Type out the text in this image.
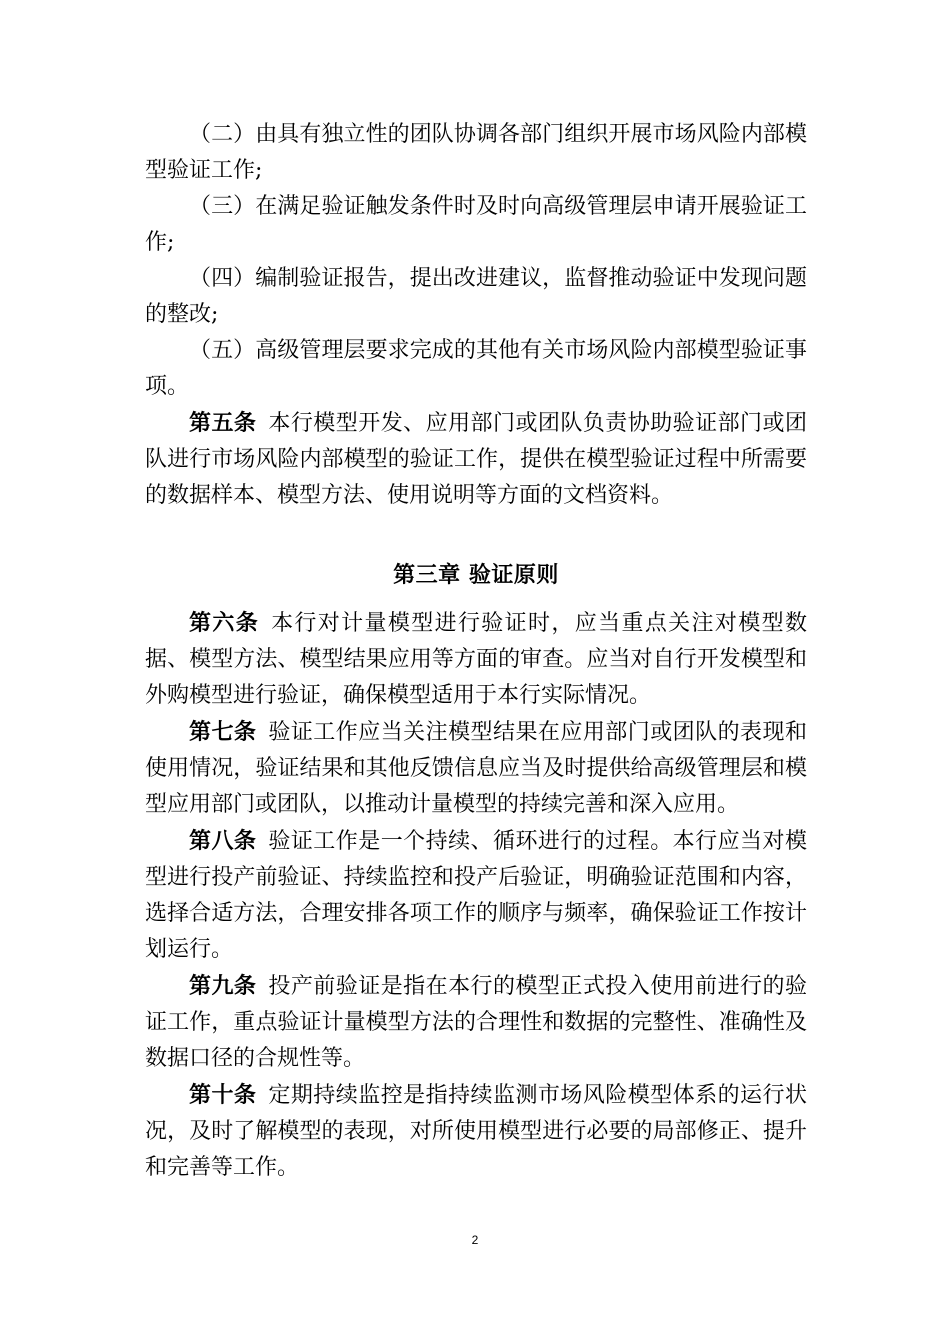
（二）由具有独立性的团队协调各部门组织开展市场风险内部模型验证工作;

（三）在满足验证触发条件时及时向高级管理层申请开展验证工作;

（四）编制验证报告，提出改进建议，监督推动验证中发现问题的整改;

（五）高级管理层要求完成的其他有关市场风险内部模型验证事项。

第五条 本行模型开发、应用部门或团队负责协助验证部门或团队进行市场风险内部模型的验证工作，提供在模型验证过程中所需要的数据样本、模型方法、使用说明等方面的文档资料。

第三章 验证原则

第六条 本行对计量模型进行验证时，应当重点关注对模型数据、模型方法、模型结果应用等方面的审查。应当对自行开发模型和外购模型进行验证，确保模型适用于本行实际情况。

第七条 验证工作应当关注模型结果在应用部门或团队的表现和使用情况，验证结果和其他反馈信息应当及时提供给高级管理层和模型应用部门或团队，以推动计量模型的持续完善和深入应用。

第八条 验证工作是一个持续、循环进行的过程。本行应当对模型进行投产前验证、持续监控和投产后验证，明确验证范围和内容，选择合适方法，合理安排各项工作的顺序与频率，确保验证工作按计划运行。

第九条 投产前验证是指在本行的模型正式投入使用前进行的验证工作，重点验证计量模型方法的合理性和数据的完整性、准确性及数据口径的合规性等。

第十条 定期持续监控是指持续监测市场风险模型体系的运行状况，及时了解模型的表现，对所使用模型进行必要的局部修正、提升和完善等工作。

2
